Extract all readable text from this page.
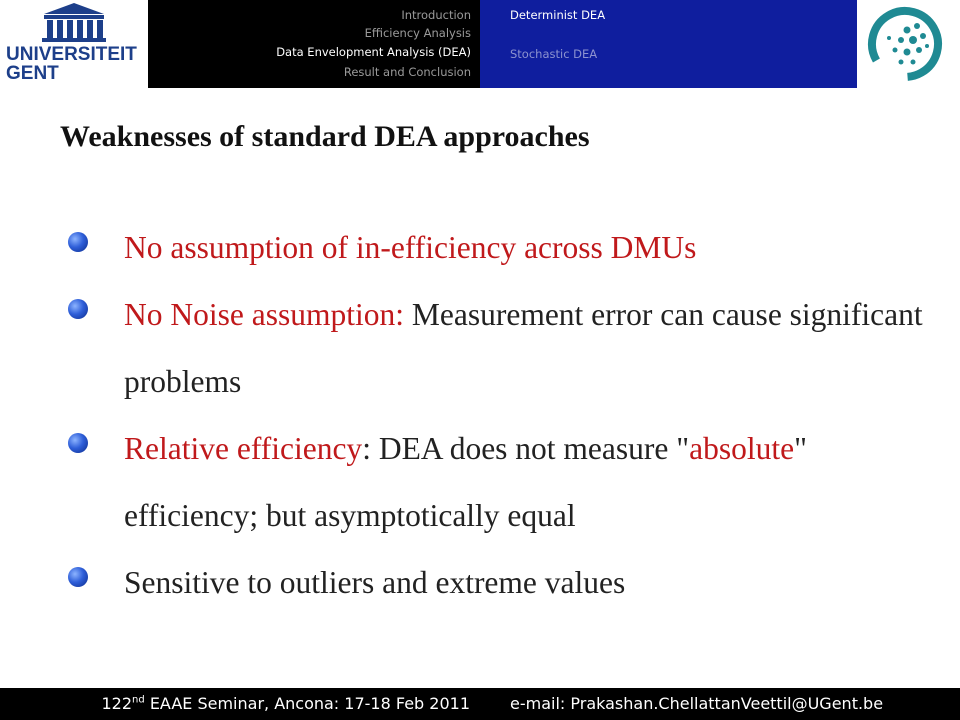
UNIVERSITEIT
GENT
Introduction
Efficiency Analysis
Data Envelopment Analysis (DEA)
Result and Conclusion
Determinist DEA
Stochastic DEA
Weaknesses of standard DEA approaches
No assumption of in-efficiency across DMUs
No Noise assumption: Measurement error can cause significant problems
Relative efficiency: DEA does not measure "absolute" efficiency; but asymptotically equal
Sensitive to outliers and extreme values
122nd EAAE Seminar, Ancona: 17-18 Feb 2011	e-mail: Prakashan.ChellattanVeettil@UGent.be
